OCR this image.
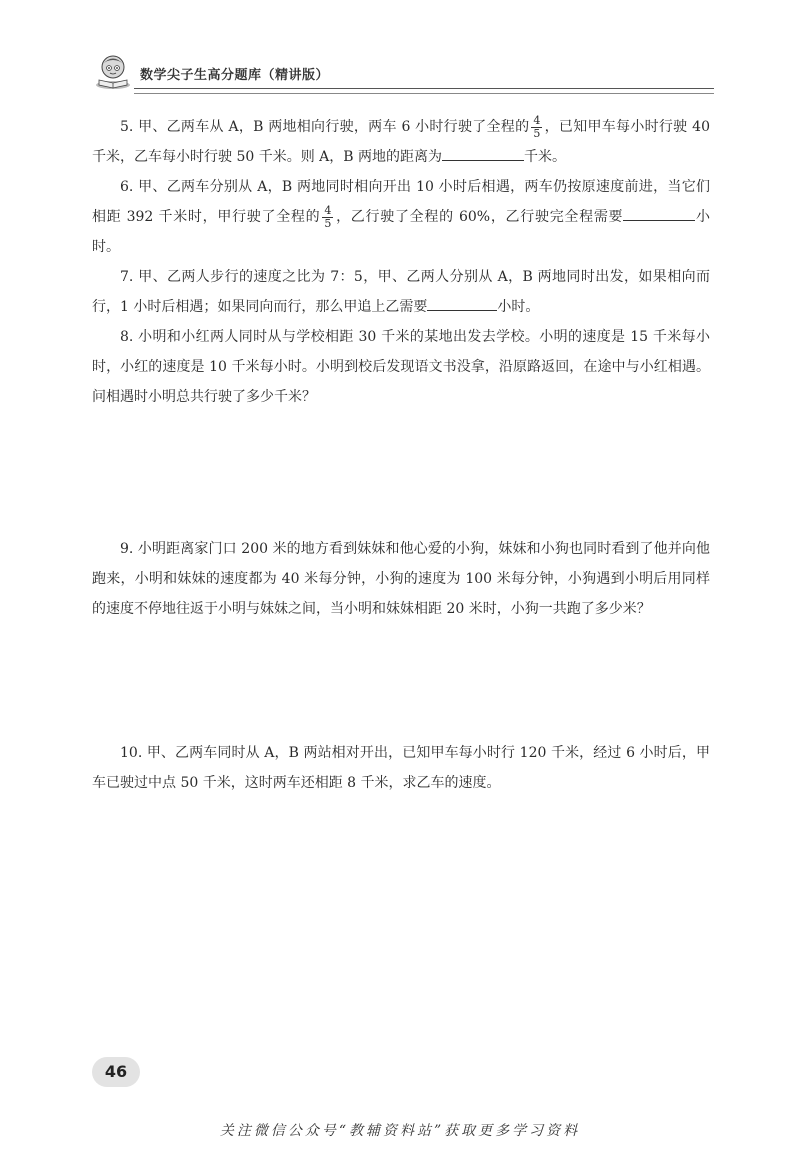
数学尖子生高分题库（精讲版）

5. 甲、乙两车从 A，B 两地相向行驶，两车 6 小时行驶了全程的 $\frac{4}{5}$ ，已知甲车每小时行驶 40 千米，乙车每小时行驶 50 千米。则 A，B 两地的距离为	千米。

6. 甲、乙两车分别从 A，B 两地同时相向开出 10 小时后相遇，两车仍按原速度前进，当它们相距 392 千米时，甲行驶了全程的 $\frac{4}{5}$ ，乙行驶了全程的 60%，乙行驶完全程需要	小时。

7. 甲、乙两人步行的速度之比为 7：5，甲、乙两人分别从 A，B 两地同时出发，如果相向而行，1 小时后相遇；如果同向而行，那么甲追上乙需要	小时。

8. 小明和小红两人同时从与学校相距 30 千米的某地出发去学校。小明的速度是 15 千米每小时，小红的速度是 10 千米每小时。小明到校后发现语文书没拿，沿原路返回，在途中与小红相遇。问相遇时小明总共行驶了多少千米？

9. 小明距离家门口 200 米的地方看到妹妹和他心爱的小狗，妹妹和小狗也同时看到了他并向他跑来，小明和妹妹的速度都为 40 米每分钟，小狗的速度为 100 米每分钟，小狗遇到小明后用同样的速度不停地往返于小明与妹妹之间，当小明和妹妹相距 20 米时，小狗一共跑了多少米？

10. 甲、乙两车同时从 A，B 两站相对开出，已知甲车每小时行 120 千米，经过 6 小时后，甲车已驶过中点 50 千米，这时两车还相距 8 千米，求乙车的速度。

46
关注微信公众号“教辅资料站”获取更多学习资料
